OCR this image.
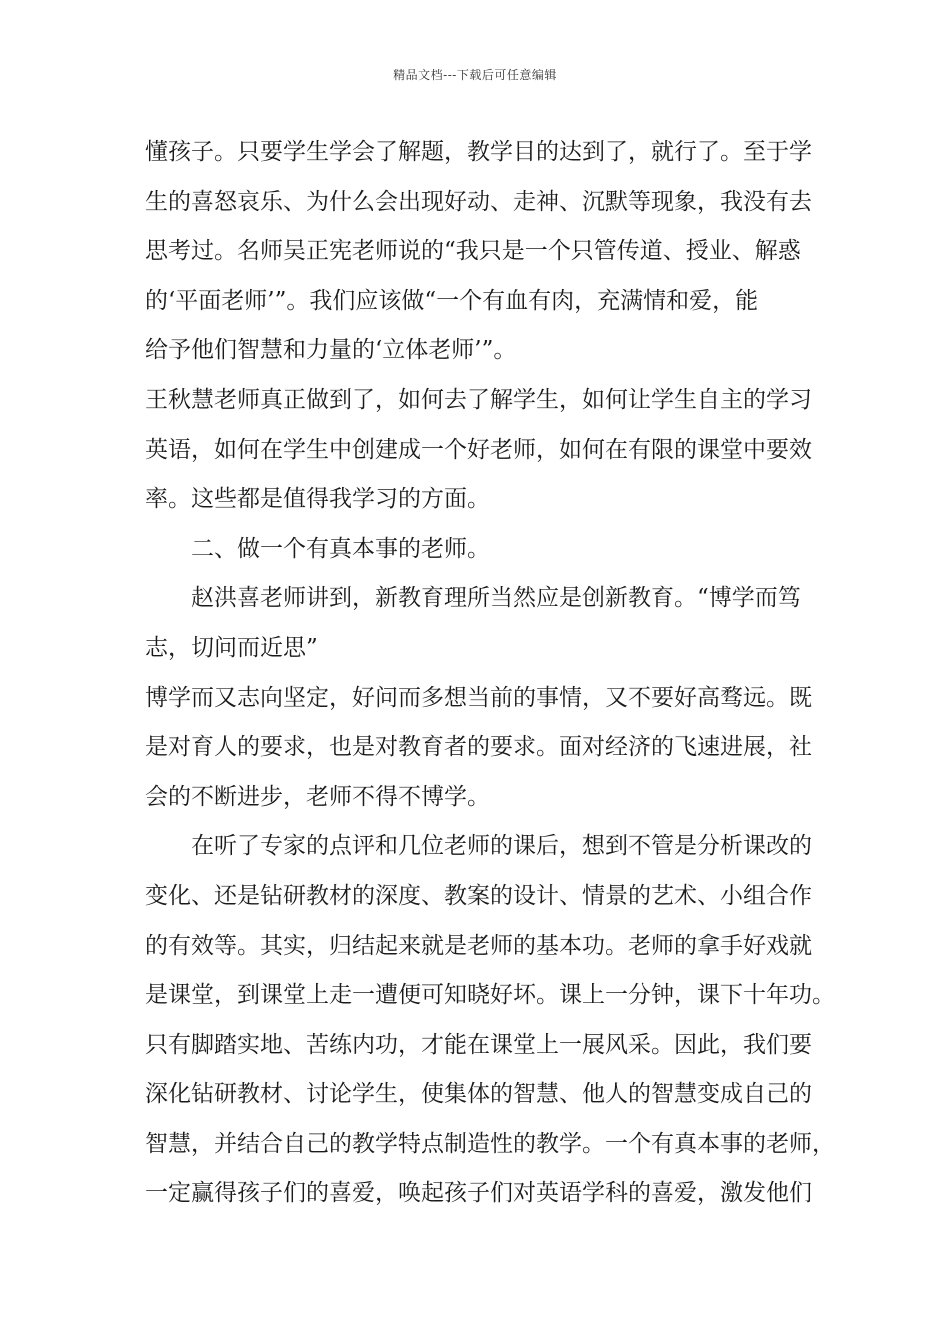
精品文档---下载后可任意编辑
懂孩子。只要学生学会了解题，教学目的达到了，就行了。至于学
生的喜怒哀乐、为什么会出现好动、走神、沉默等现象，我没有去
思考过。名师吴正宪老师说的“我只是一个只管传道、授业、解惑
的‘平面老师’”。我们应该做“一个有血有肉，充满情和爱，能
给予他们智慧和力量的‘立体老师’”。
王秋慧老师真正做到了，如何去了解学生，如何让学生自主的学习
英语，如何在学生中创建成一个好老师，如何在有限的课堂中要效
率。这些都是值得我学习的方面。
二、做一个有真本事的老师。
赵洪喜老师讲到，新教育理所当然应是创新教育。“博学而笃
志，切问而近思”
博学而又志向坚定，好问而多想当前的事情，又不要好高骛远。既
是对育人的要求，也是对教育者的要求。面对经济的飞速进展，社
会的不断进步，老师不得不博学。
在听了专家的点评和几位老师的课后，想到不管是分析课改的
变化、还是钻研教材的深度、教案的设计、情景的艺术、小组合作
的有效等。其实，归结起来就是老师的基本功。老师的拿手好戏就
是课堂，到课堂上走一遭便可知晓好坏。课上一分钟，课下十年功。
只有脚踏实地、苦练内功，才能在课堂上一展风采。因此，我们要
深化钻研教材、讨论学生，使集体的智慧、他人的智慧变成自己的
智慧，并结合自己的教学特点制造性的教学。一个有真本事的老师，
一定赢得孩子们的喜爱，唤起孩子们对英语学科的喜爱，激发他们
